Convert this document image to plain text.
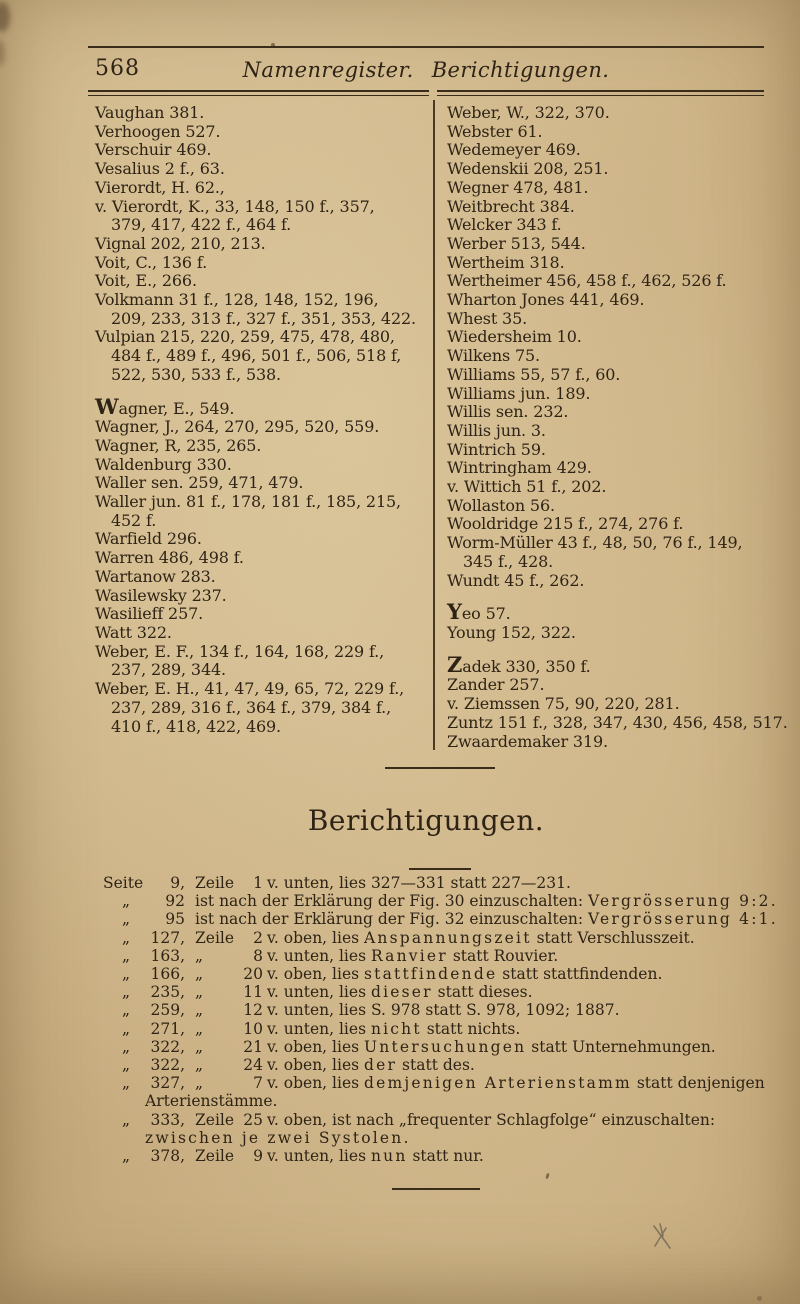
568	Namenregister. Berichtigungen.
Vaughan 381.
Verhoogen 527.
Verschuir 469.
Vesalius 2 f., 63.
Vierordt, H. 62.,
v. Vierordt, K., 33, 148, 150 f., 357,
379, 417, 422 f., 464 f.
Vignal 202, 210, 213.
Voit, C., 136 f.
Voit, E., 266.
Volkmann 31 f., 128, 148, 152, 196,
209, 233, 313 f., 327 f., 351, 353, 422.
Vulpian 215, 220, 259, 475, 478, 480,
484 f., 489 f., 496, 501 f., 506, 518 f,
522, 530, 533 f., 538.
Wagner, E., 549.
Wagner, J., 264, 270, 295, 520, 559.
Wagner, R, 235, 265.
Waldenburg 330.
Waller sen. 259, 471, 479.
Waller jun. 81 f., 178, 181 f., 185, 215,
452 f.
Warfield 296.
Warren 486, 498 f.
Wartanow 283.
Wasilewsky 237.
Wasilieff 257.
Watt 322.
Weber, E. F., 134 f., 164, 168, 229 f.,
237, 289, 344.
Weber, E. H., 41, 47, 49, 65, 72, 229 f.,
237, 289, 316 f., 364 f., 379, 384 f.,
410 f., 418, 422, 469.
Weber, W., 322, 370.
Webster 61.
Wedemeyer 469.
Wedenskii 208, 251.
Wegner 478, 481.
Weitbrecht 384.
Welcker 343 f.
Werber 513, 544.
Wertheim 318.
Wertheimer 456, 458 f., 462, 526 f.
Wharton Jones 441, 469.
Whest 35.
Wiedersheim 10.
Wilkens 75.
Williams 55, 57 f., 60.
Williams jun. 189.
Willis sen. 232.
Willis jun. 3.
Wintrich 59.
Wintringham 429.
v. Wittich 51 f., 202.
Wollaston 56.
Wooldridge 215 f., 274, 276 f.
Worm-Müller 43 f., 48, 50, 76 f., 149,
345 f., 428.
Wundt 45 f., 262.
Yeo 57.
Young 152, 322.
Zadek 330, 350 f.
Zander 257.
v. Ziemssen 75, 90, 220, 281.
Zuntz 151 f., 328, 347, 430, 456, 458, 517.
Zwaardemaker 319.
Berichtigungen.
Seite	9, Zeile 1 v. unten, lies 327—331 statt 227—231.
„	92 ist nach der Erklärung der Fig. 30 einzuschalten: Vergrösserung 9:2.
„	95 ist nach der Erklärung der Fig. 32 einzuschalten: Vergrösserung 4:1.
„	127, Zeile 2 v. oben, lies Anspannungszeit statt Verschlusszeit.
„	163, „	8 v. unten, lies Ranvier statt Rouvier.
„	166, „	20 v. oben, lies stattfindende statt stattfindenden.
„	235, „	11 v. unten, lies dieser statt dieses.
„	259, „	12 v. unten, lies S. 978 statt S. 978, 1092; 1887.
„	271, „	10 v. unten, lies nicht statt nichts.
„	322, „	21 v. oben, lies Untersuchungen statt Unternehmungen.
„	322, „	24 v. oben, lies der statt des.
„	327, „	7 v. oben, lies demjenigen Arterienstamm statt denjenigen
Arterienstämme.
„	333, Zeile 25 v. oben, ist nach „frequenter Schlagfolge“ einzuschalten:
zwischen je zwei Systolen.
„	378, Zeile 9 v. unten, lies nun statt nur.
